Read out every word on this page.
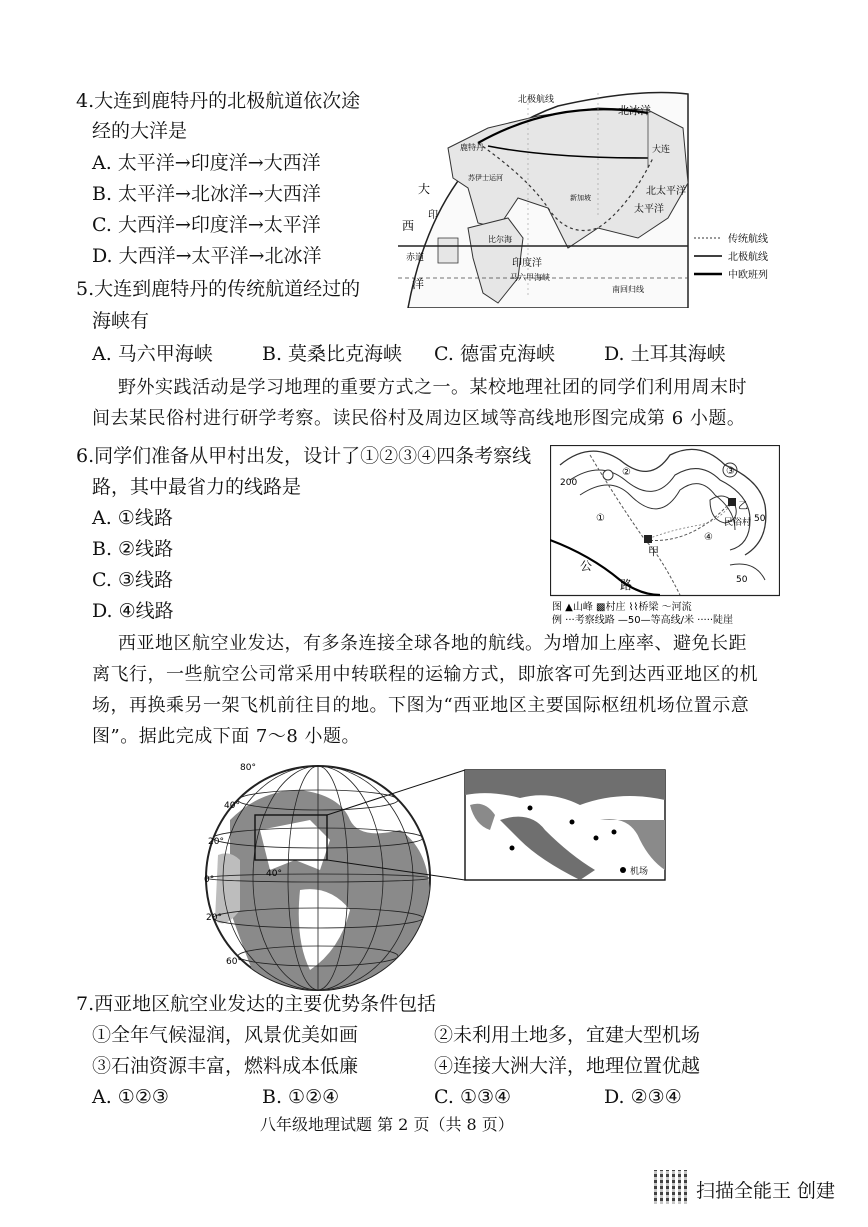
4.大连到鹿特丹的北极航道依次途
经的大洋是
A. 太平洋→印度洋→大西洋
B. 太平洋→北冰洋→大西洋
C. 大西洋→印度洋→太平洋
D. 大西洋→太平洋→北冰洋
北极航线
北冰洋
鹿特丹	大连
北太平洋
太平洋
印度洋
大
西
洋
印
赤道
马六甲海峡
南回归线
比尔海
苏伊士运河
新加坡
传统航线
北极航线
中欧班列
5.大连到鹿特丹的传统航道经过的
海峡有
A. 马六甲海峡	B. 莫桑比克海峡 C. 德雷克海峡	D. 土耳其海峡
野外实践活动是学习地理的重要方式之一。某校地理社团的同学们利用周末时
间去某民俗村进行研学考察。读民俗村及周边区域等高线地形图完成第 6 小题。
6.同学们准备从甲村出发，设计了①②③④四条考察线
路，其中最省力的线路是
A. ①线路
B. ②线路
C. ③线路
D. ④线路
200
50
50
乙
民俗村
甲
公
路
①
②	③
④
图 ▲山峰 ▩村庄 ⌇⌇桥梁 〜河流
例 ···考察线路 —50—等高线/米 ·····陡崖
西亚地区航空业发达，有多条连接全球各地的航线。为增加上座率、避免长距
离飞行，一些航空公司常采用中转联程的运输方式，即旅客可先到达西亚地区的机
场，再换乘另一架飞机前往目的地。下图为“西亚地区主要国际枢纽机场位置示意
图”。据此完成下面 7～8 小题。
80°
40°
20°
0°
20°
40°
60°
机场
7.西亚地区航空业发达的主要优势条件包括
①全年气候湿润，风景优美如画	②未利用土地多，宜建大型机场
③石油资源丰富，燃料成本低廉	④连接大洲大洋，地理位置优越
A. ①②③	B. ①②④	C. ①③④	D. ②③④
八年级地理试题 第 2 页（共 8 页）
扫描全能王 创建
